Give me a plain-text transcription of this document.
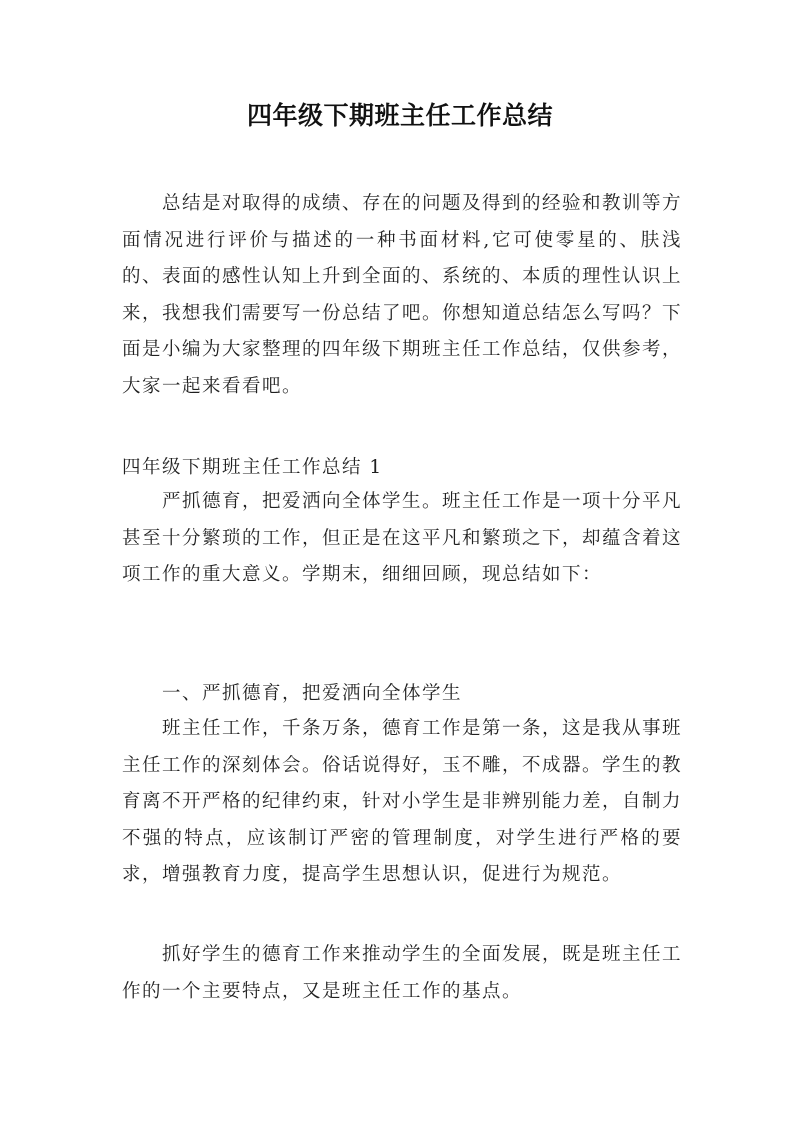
四年级下期班主任工作总结

总结是对取得的成绩、存在的问题及得到的经验和教训等方面情况进行评价与描述的一种书面材料,它可使零星的、肤浅的、表面的感性认知上升到全面的、系统的、本质的理性认识上来，我想我们需要写一份总结了吧。你想知道总结怎么写吗？下面是小编为大家整理的四年级下期班主任工作总结，仅供参考，大家一起来看看吧。

四年级下期班主任工作总结 1

严抓德育，把爱洒向全体学生。班主任工作是一项十分平凡甚至十分繁琐的工作，但正是在这平凡和繁琐之下，却蕴含着这项工作的重大意义。学期末，细细回顾，现总结如下：

一、严抓德育，把爱洒向全体学生

班主任工作，千条万条，德育工作是第一条，这是我从事班主任工作的深刻体会。俗话说得好，玉不雕，不成器。学生的教育离不开严格的纪律约束，针对小学生是非辨别能力差，自制力不强的特点，应该制订严密的管理制度，对学生进行严格的要求，增强教育力度，提高学生思想认识，促进行为规范。

抓好学生的德育工作来推动学生的全面发展，既是班主任工作的一个主要特点，又是班主任工作的基点。
